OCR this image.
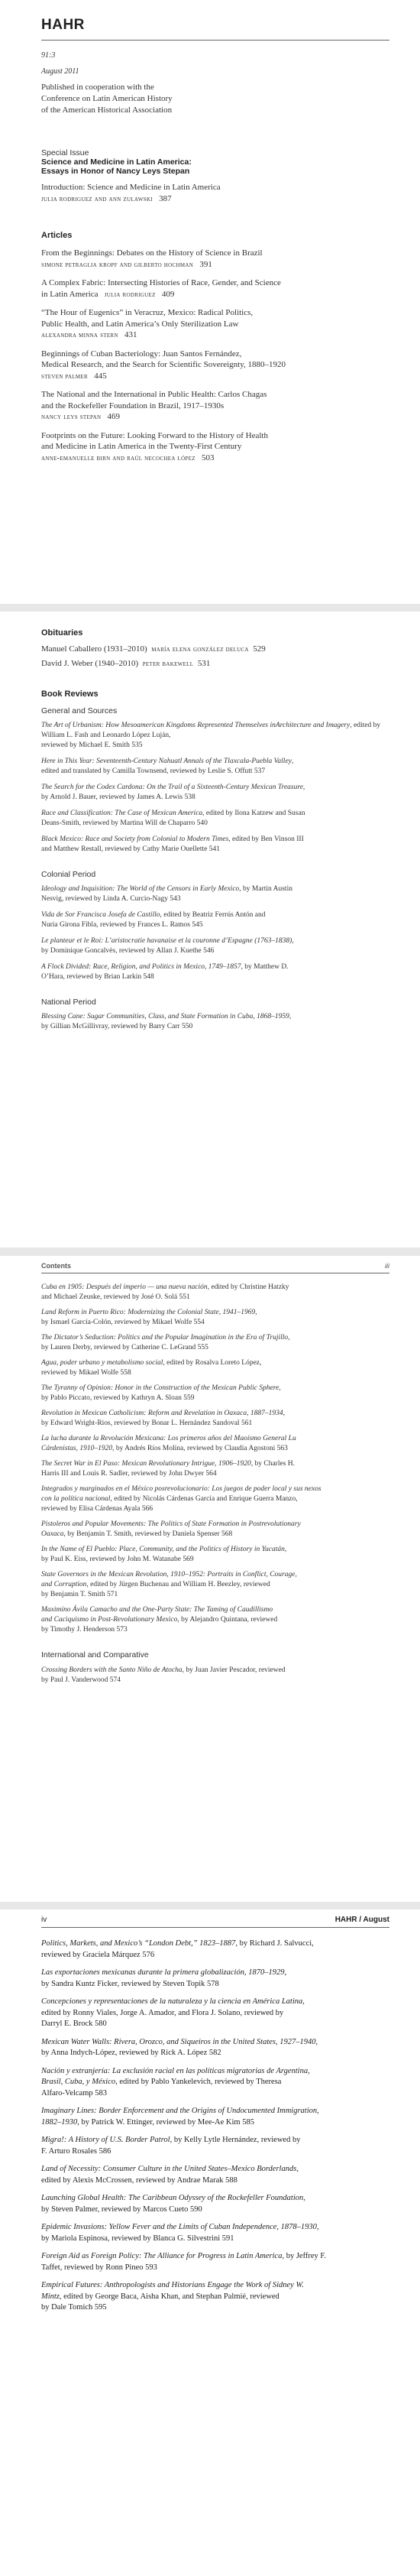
HAHR
91:3
August 2011
Published in cooperation with the
Conference on Latin American History
of the American Historical Association
Special Issue
Science and Medicine in Latin America:
Essays in Honor of Nancy Leys Stepan
Introduction: Science and Medicine in Latin America
julia rodriguez and ann zulawski 387
Articles
From the Beginnings: Debates on the History of Science in Brazil
simone petraglia kropf and gilberto hochman 391
A Complex Fabric: Intersecting Histories of Race, Gender, and Science
in Latin America julia rodriguez 409
“The Hour of Eugenics” in Veracruz, Mexico: Radical Politics,
Public Health, and Latin America’s Only Sterilization Law
alexandra minna stern 431
Beginnings of Cuban Bacteriology: Juan Santos Fernández,
Medical Research, and the Search for Scientific Sovereignty, 1880–1920
steven palmer 445
The National and the International in Public Health: Carlos Chagas
and the Rockefeller Foundation in Brazil, 1917–1930s
nancy leys stepan 469
Footprints on the Future: Looking Forward to the History of Health
and Medicine in Latin America in the Twenty-First Century
anne-emanuelle birn and raúl necochea lópez 503
Obituaries
Manuel Caballero (1931–2010) maría elena gonzález deluca 529
David J. Weber (1940–2010) peter bakewell 531
Book Reviews
General and Sources
The Art of Urbanism: How Mesoamerican Kingdoms Represented Themselves inArchitecture and Imagery, edited by William L. Fash and Leonardo López Luján,
reviewed by Michael E. Smith 535
Here in This Year: Seventeenth-Century Nahuatl Annals of the Tlaxcala-Puebla Valley,
edited and translated by Camilla Townsend, reviewed by Leslie S. Offutt 537
The Search for the Codex Cardona: On the Trail of a Sixteenth-Century Mexican Treasure,
by Arnold J. Bauer, reviewed by James A. Lewis 538
Race and Classification: The Case of Mexican America, edited by Ilona Katzew and Susan
Deans-Smith, reviewed by Martina Will de Chaparro 540
Black Mexico: Race and Society from Colonial to Modern Times, edited by Ben Vinson III
and Matthew Restall, reviewed by Cathy Marie Ouellette 541
Colonial Period
Ideology and Inquisition: The World of the Censors in Early Mexico, by Martin Austin
Nesvig, reviewed by Linda A. Curcio-Nagy 543
Vida de Sor Francisca Josefa de Castillo, edited by Beatriz Ferrús Antón and
Nuria Girona Fibla, reviewed by Frances L. Ramos 545
Le planteur et le Roi: L’aristocratie havanaise et la couronne d’Espagne (1763–1838),
by Dominique Goncalvès, reviewed by Allan J. Kuethe 546
A Flock Divided: Race, Religion, and Politics in Mexico, 1749–1857, by Matthew D.
O’Hara, reviewed by Brian Larkin 548
National Period
Blessing Cane: Sugar Communities, Class, and State Formation in Cuba, 1868–1959,
by Gillian McGillivray, reviewed by Barry Carr 550
Contents	iii
Cuba en 1905: Después del imperio — una nueva nación, edited by Christine Hatzky
and Michael Zeuske, reviewed by José O. Solá 551
Land Reform in Puerto Rico: Modernizing the Colonial State, 1941–1969,
by Ismael García-Colón, reviewed by Mikael Wolfe 554
The Dictator’s Seduction: Politics and the Popular Imagination in the Era of Trujillo,
by Lauren Derby, reviewed by Catherine C. LeGrand 555
Agua, poder urbano y metabolismo social, edited by Rosalva Loreto López,
reviewed by Mikael Wolfe 558
The Tyranny of Opinion: Honor in the Construction of the Mexican Public Sphere,
by Pablo Piccato, reviewed by Kathryn A. Sloan 559
Revolution in Mexican Catholicism: Reform and Revelation in Oaxaca, 1887–1934,
by Edward Wright-Rios, reviewed by Bonar L. Hernández Sandoval 561
La lucha durante la Revolución Mexicana: Los primeros años del Maoísmo General Lu
Cárdenistas, 1910–1920, by Andrés Ríos Molina, reviewed by Claudia Agostoni 563
The Secret War in El Paso: Mexican Revolutionary Intrigue, 1906–1920, by Charles H.
Harris III and Louis R. Sadler, reviewed by John Dwyer 564
Integrados y marginados en el México posrevolucionario: Los juegos de poder local y sus nexos
con la política nacional, edited by Nicolás Cárdenas García and Enrique Guerra Manzo,
reviewed by Elisa Cárdenas Ayala 566
Pistoleros and Popular Movements: The Politics of State Formation in Postrevolutionary
Oaxaca, by Benjamin T. Smith, reviewed by Daniela Spenser 568
In the Name of El Pueblo: Place, Community, and the Politics of History in Yucatán,
by Paul K. Eiss, reviewed by John M. Watanabe 569
State Governors in the Mexican Revolution, 1910–1952: Portraits in Conflict, Courage,
and Corruption, edited by Jürgen Buchenau and William H. Beezley, reviewed
by Benjamin T. Smith 571
Maximino Ávila Camacho and the One-Party State: The Taming of Caudillismo
and Caciquismo in Post-Revolutionary Mexico, by Alejandro Quintana, reviewed
by Timothy J. Henderson 573
International and Comparative
Crossing Borders with the Santo Niño de Atocha, by Juan Javier Pescador, reviewed
by Paul J. Vanderwood 574
iv	HAHR / August
Politics, Markets, and Mexico’s “London Debt,” 1823–1887, by Richard J. Salvucci,
reviewed by Graciela Márquez 576
Las exportaciones mexicanas durante la primera globalización, 1870–1929,
by Sandra Kuntz Ficker, reviewed by Steven Topik 578
Concepciones y representaciones de la naturaleza y la ciencia en América Latina,
edited by Ronny Viales, Jorge A. Amador, and Flora J. Solano, reviewed by
Darryl E. Brock 580
Mexican Water Walls: Rivera, Orozco, and Siqueiros in the United States, 1927–1940,
by Anna Indych-López, reviewed by Rick A. López 582
Nación y extranjería: La exclusión racial en las políticas migratorias de Argentina,
Brasil, Cuba, y México, edited by Pablo Yankelevich, reviewed by Theresa
Alfaro-Velcamp 583
Imaginary Lines: Border Enforcement and the Origins of Undocumented Immigration,
1882–1930, by Patrick W. Ettinger, reviewed by Mee-Ae Kim 585
Migra!: A History of U.S. Border Patrol, by Kelly Lytle Hernández, reviewed by
F. Arturo Rosales 586
Land of Necessity: Consumer Culture in the United States–Mexico Borderlands,
edited by Alexis McCrossen, reviewed by Andrae Marak 588
Launching Global Health: The Caribbean Odyssey of the Rockefeller Foundation,
by Steven Palmer, reviewed by Marcos Cueto 590
Epidemic Invasions: Yellow Fever and the Limits of Cuban Independence, 1878–1930,
by Mariola Espinosa, reviewed by Blanca G. Silvestrini 591
Foreign Aid as Foreign Policy: The Alliance for Progress in Latin America, by Jeffrey F.
Taffet, reviewed by Ronn Pineo 593
Empirical Futures: Anthropologists and Historians Engage the Work of Sidney W.
Mintz, edited by George Baca, Aisha Khan, and Stephan Palmié, reviewed
by Dale Tomich 595
